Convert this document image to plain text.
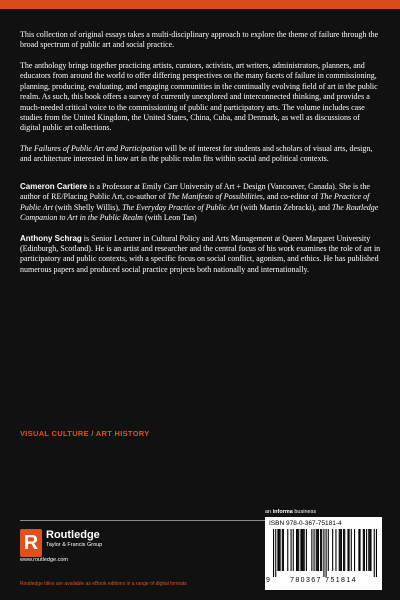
This collection of original essays takes a multi-disciplinary approach to explore the theme of failure through the broad spectrum of public art and social practice.

The anthology brings together practicing artists, curators, activists, art writers, administrators, planners, and educators from around the world to offer differing perspectives on the many facets of failure in commissioning, planning, producing, evaluating, and engaging communities in the continually evolving field of art in the public realm. As such, this book offers a survey of currently unexplored and interconnected thinking, and provides a much-needed critical voice to the commissioning of public and participatory arts. The volume includes case studies from the United Kingdom, the United States, China, Cuba, and Denmark, as well as discussions of digital public art collections.

The Failures of Public Art and Participation will be of interest for students and scholars of visual arts, design, and architecture interested in how art in the public realm fits within social and political contexts.

Cameron Cartiere is a Professor at Emily Carr University of Art + Design (Vancouver, Canada). She is the author of RE/Placing Public Art, co-author of The Manifesto of Possibilities, and co-editor of The Practice of Public Art (with Shelly Willis), The Everyday Practice of Public Art (with Martin Zebracki), and The Routledge Companion to Art in the Public Realm (with Leon Tan)

Anthony Schrag is Senior Lecturer in Cultural Policy and Arts Management at Queen Margaret University (Edinburgh, Scotland). He is an artist and researcher and the central focus of his work examines the role of art in participatory and public contexts, with a specific focus on social conflict, agonism, and ethics. He has published numerous papers and produced social practice projects both nationally and internationally.

VISUAL CULTURE / ART HISTORY
R Routledge
Taylor & Francis Group
www.routledge.com
Routledge titles are available as eBook editions in a range of digital formats
an informa business
ISBN 978-0-367-75181-4
9	780367 751814
